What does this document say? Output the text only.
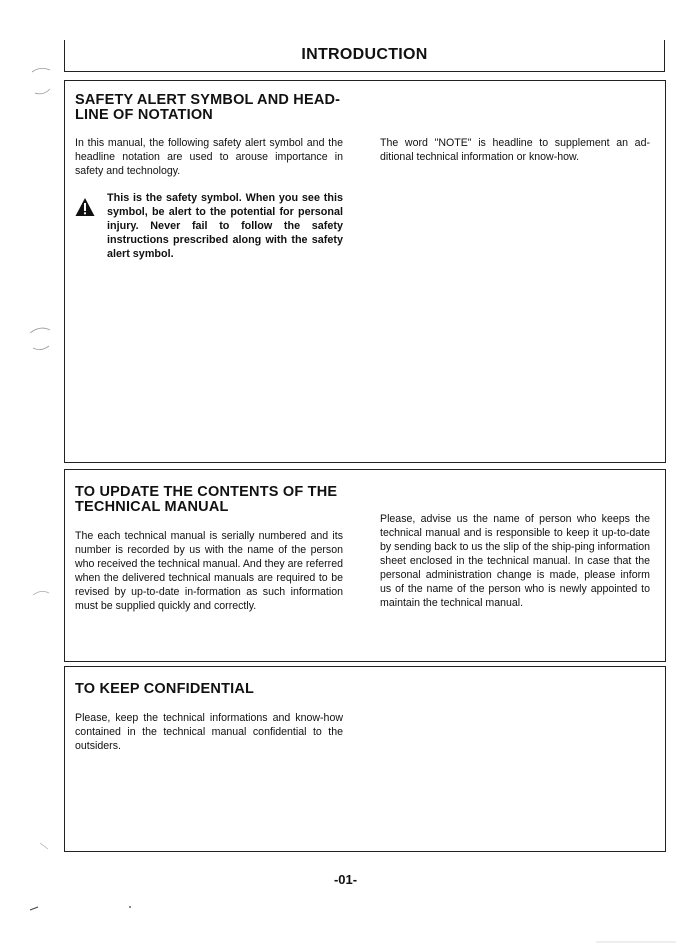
INTRODUCTION
SAFETY ALERT SYMBOL AND HEAD-LINE OF NOTATION
In this manual, the following safety alert symbol and the headline notation are used to arouse importance in safety and technology.
This is the safety symbol. When you see this symbol, be alert to the potential for personal injury. Never fail to follow the safety instructions prescribed along with the safety alert symbol.
The word "NOTE" is headline to supplement an ad-ditional technical information or know-how.
TO UPDATE THE CONTENTS OF THE TECHNICAL MANUAL
The each technical manual is serially numbered and its number is recorded by us with the name of the person who received the technical manual. And they are referred when the delivered technical manuals are required to be revised by up-to-date in-formation as such information must be supplied quickly and correctly.
Please, advise us the name of person who keeps the technical manual and is responsible to keep it up-to-date by sending back to us the slip of the ship-ping information sheet enclosed in the technical manual. In case that the personal administration change is made, please inform us of the name of the person who is newly appointed to maintain the technical manual.
TO KEEP CONFIDENTIAL
Please, keep the technical informations and know-how contained in the technical manual confidential to the outsiders.
-01-
